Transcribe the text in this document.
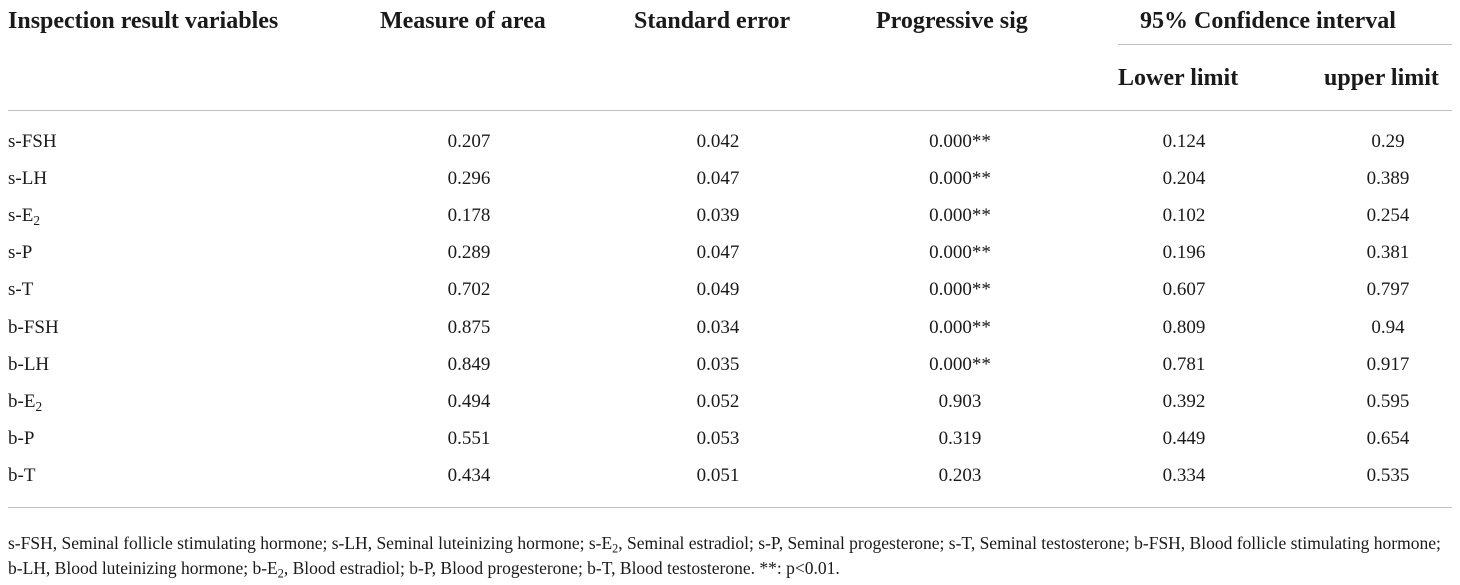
Inspection result variables	Measure of area	Standard error	Progressive sig	95% Confidence interval
Lower limit	upper limit
s-FSH	0.207	0.042	0.000**	0.124	0.29
s-LH	0.296	0.047	0.000**	0.204	0.389
$s-E_2$	0.178	0.039	0.000**	0.102	0.254
s-P	0.289	0.047	0.000**	0.196	0.381
s-T	0.702	0.049	0.000**	0.607	0.797
b-FSH	0.875	0.034	0.000**	0.809	0.94
b-LH	0.849	0.035	0.000**	0.781	0.917
$b-E_2$	0.494	0.052	0.903	0.392	0.595
b-P	0.551	0.053	0.319	0.449	0.654
b-T	0.434	0.051	0.203	0.334	0.535
s-FSH, Seminal follicle stimulating hormone; s-LH, Seminal luteinizing hormone; $s-E_2$, Seminal estradiol; s-P, Seminal progesterone; s-T, Seminal testosterone; b-FSH, Blood follicle stimulating hormone; b-LH, Blood luteinizing hormone; $b-E_2$, Blood estradiol; b-P, Blood progesterone; b-T, Blood testosterone. **: p<0.01.
